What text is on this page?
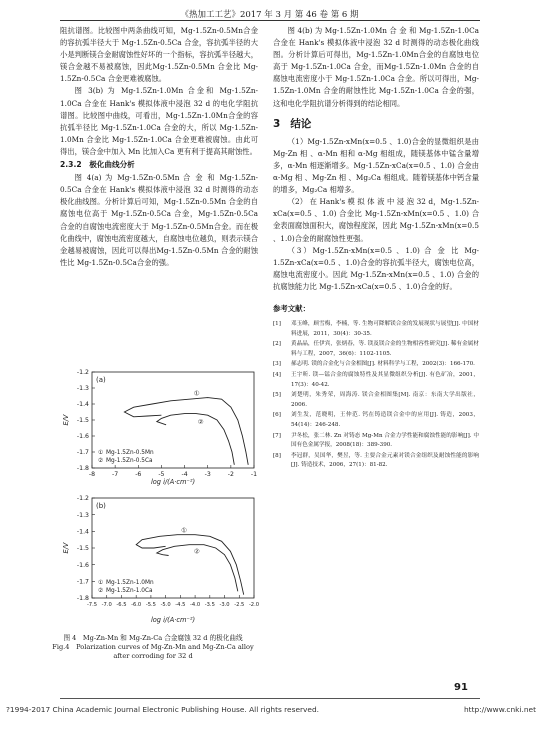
《热加工工艺》2017 年 3 月 第 46 卷 第 6 期

阻抗谱图。比较图中两条曲线可知，Mg-1.5Zn-0.5Mn合金的容抗弧半径大于 Mg-1.5Zn-0.5Ca 合金，容抗弧半径的大小是判断镁合金耐腐蚀性好坏的一个指标，容抗弧半径越大，镁合金越不易被腐蚀，因此Mg-1.5Zn-0.5Mn 合金比 Mg-1.5Zn-0.5Ca 合金更难被腐蚀。

图 3(b) 为 Mg-1.5Zn-1.0Mn 合金和 Mg-1.5Zn-1.0Ca 合金在 Hank's 模拟体液中浸泡 32 d 的电化学阻抗谱图。比较图中曲线，可看出，Mg-1.5Zn-1.0Mn合金的容抗弧半径比 Mg-1.5Zn-1.0Ca 合金的大，所以 Mg-1.5Zn-1.0Mn 合金比 Mg-1.5Zn-1.0Ca 合金更难被腐蚀。由此可得出，镁合金中加入 Mn 比加入Ca 更有利于提高其耐蚀性。

2.3.2　极化曲线分析

图 4(a) 为 Mg-1.5Zn-0.5Mn 合 金 和 Mg-1.5Zn-0.5Ca 合金在 Hank's 模拟体液中浸泡 32 d 时测得的动态极化曲线图。分析计算后可知，Mg-1.5Zn-0.5Mn 合金的自腐蚀电位高于 Mg-1.5Zn-0.5Ca 合金，Mg-1.5Zn-0.5Ca 合金的自腐蚀电流密度大于 Mg-1.5Zn-0.5Mn合金。而在极化曲线中，腐蚀电流密度越大，自腐蚀电位越负，则表示镁合金越易被腐蚀，因此可以得出Mg-1.5Zn-0.5Mn 合金的耐蚀性比 Mg-1.5Zn-0.5Ca合金的强。

-1.2
-1.3
-1.4
-1.5
-1.6
-1.7
-1.8
-8	-7	-6	-5	-4	-3	-2	-1
log i/(A·cm⁻²)
E/V
(a)
①
②
① Mg-1.5Zn-0.5Mn
② Mg-1.5Zn-0.5Ca
-1.2
-1.3
-1.4
-1.5
-1.6
-1.7
-1.8
-7.5 -7.0 -6.5 -6.0 -5.5 -5.0 -4.5 -4.0 -3.5 -3.0 -2.5 -2.0
log i/(A·cm⁻²)
E/V
(b)
①
②
① Mg-1.5Zn-1.0Mn
② Mg-1.5Zn-1.0Ca
图 4　Mg-Zn-Mn 和 Mg-Zn-Ca 合金腐蚀 32 d 的极化曲线
Fig.4　Polarization curves of Mg-Zn-Mn and Mg-Zn-Ca alloy
after corroding for 32 d

图 4(b) 为 Mg-1.5Zn-1.0Mn 合 金 和 Mg-1.5Zn-1.0Ca 合金在 Hank's 模拟体液中浸泡 32 d 时测得的动态极化曲线图。分析计算后可得出，Mg-1.5Zn-1.0Mn合金的自腐蚀电位高于 Mg-1.5Zn-1.0Ca 合金，而Mg-1.5Zn-1.0Mn 合金的自腐蚀电流密度小于 Mg-1.5Zn-1.0Ca 合金。所以可得出，Mg-1.5Zn-1.0Mn 合金的耐蚀性比 Mg-1.5Zn-1.0Ca 合金的强，这和电化学阻抗谱分析得到的结论相同。

3 结论

（1）Mg-1.5Zn-xMn(x=0.5 、1.0)合金的显微组织是由 Mg-Zn 相 、α-Mn 相和 α-Mg 相组成，随镁基体中锰含量增多，α-Mn 相逐渐增多。Mg-1.5Zn-xCa(x=0.5 、1.0) 合金由 α-Mg 相 、Mg-Zn 相 、Mg₂Ca 相组成。随着镁基体中钙含量的增多，Mg₂Ca 相增多。

（2） 在 Hank's 模 拟 体 液 中 浸 泡 32 d，Mg-1.5Zn-xCa(x=0.5 、1.0) 合金比 Mg-1.5Zn-xMn(x=0.5 、1.0) 合金表面腐蚀面积大，腐蚀程度深，因此 Mg-1.5Zn-xMn(x=0.5 、1.0)合金的耐腐蚀性更强。

（3）Mg-1.5Zn-xMn(x=0.5 、1.0) 合 金 比 Mg-1.5Zn-xCa(x=0.5 、1.0)合金的容抗弧半径大，腐蚀电位高，腐蚀电流密度小。因此 Mg-1.5Zn-xMn(x=0.5 、1.0) 合金的抗腐蚀能力比 Mg-1.5Zn-xCa(x=0.5 、1.0)合金的好。

参考文献：
[1]	邓玉峰，顾雪梅，李楠，等. 生物可降解镁合金的发展现状与展望[J]. 中国材料进展，2011，30(4)：30-35.
[2]	黄晶晶，任伊宾，张炳春，等. 镁及镁合金的生物相容性研究[J]. 稀有金属材料与工程，2007，36(6)：1102-1105.
[3]	郝志明. 镁的合金化与合金相图[J]. 材料科学与工程，2002(3)：166-170.
[4]	王宇昕. 镁—锰合金的腐蚀特性及其显微组织分析[J]. 有色矿冶，2001，17(3)：40-42.
[5]	刘楚明，朱秀荣，周海涛. 镁合金相图集[M]. 南京：东南大学出版社，2006.
[6]	刘生发，范晓明，王仲范. 钙在铸造镁合金中的应用[J]. 铸造，2003，54(14)：246-248.
[7]	尹冬松，张二林. Zn 对铸态 Mg-Mn 合金力学性能和腐蚀性能的影响[J]. 中国有色金属学报，2008(18)：389-390.
[8]	李冠群，吴国华，樊昱，等. 主要合金元素对镁合金组织及耐蚀性能的影响[J]. 铸造技术，2006，27(1)：81-82.
91
?1994-2017 China Academic Journal Electronic Publishing House. All rights reserved.	http://www.cnki.net
